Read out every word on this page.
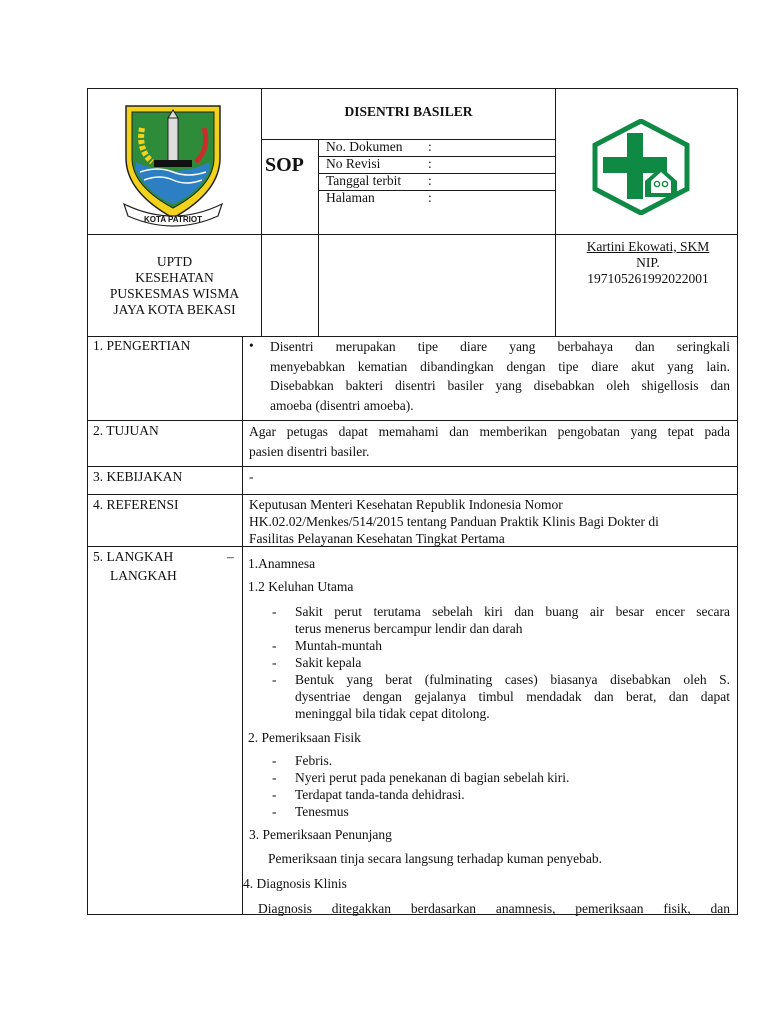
KOTA PATRIOT
DISENTRI BASILER
SOP
No. Dokumen :
No Revisi	:
Tanggal terbit :
Halaman	:
UPTD
KESEHATAN
PUSKESMAS WISMA
JAYA KOTA BEKASI
Kartini Ekowati, SKM
NIP.
197105261992022001
1. PENGERTIAN	• Disentri merupakan tipe diare yang berbahaya dan seringkali
menyebabkan kematian dibandingkan dengan tipe diare akut yang lain.
Disebabkan bakteri disentri basiler yang disebabkan oleh shigellosis dan
amoeba (disentri amoeba).
2. TUJUAN	Agar petugas dapat memahami dan memberikan pengobatan yang tepat pada
pasien disentri basiler.
3. KEBIJAKAN	-
4. REFERENSI	Keputusan Menteri Kesehatan Republik Indonesia Nomor
HK.02.02/Menkes/514/2015 tentang Panduan Praktik Klinis Bagi Dokter di
Fasilitas Pelayanan Kesehatan Tingkat Pertama
5. LANGKAH	–
LANGKAH
1.Anamnesa
1.2 Keluhan Utama
- Sakit perut terutama sebelah kiri dan buang air besar encer secara
terus menerus bercampur lendir dan darah
- Muntah-muntah
- Sakit kepala
- Bentuk yang berat (fulminating cases) biasanya disebabkan oleh S.
dysentriae dengan gejalanya timbul mendadak dan berat, dan dapat
meninggal bila tidak cepat ditolong.
2. Pemeriksaan Fisik
- Febris.
- Nyeri perut pada penekanan di bagian sebelah kiri.
- Terdapat tanda-tanda dehidrasi.
- Tenesmus
3. Pemeriksaan Penunjang
Pemeriksaan tinja secara langsung terhadap kuman penyebab.
4. Diagnosis Klinis
Diagnosis ditegakkan berdasarkan anamnesis, pemeriksaan fisik, dan
